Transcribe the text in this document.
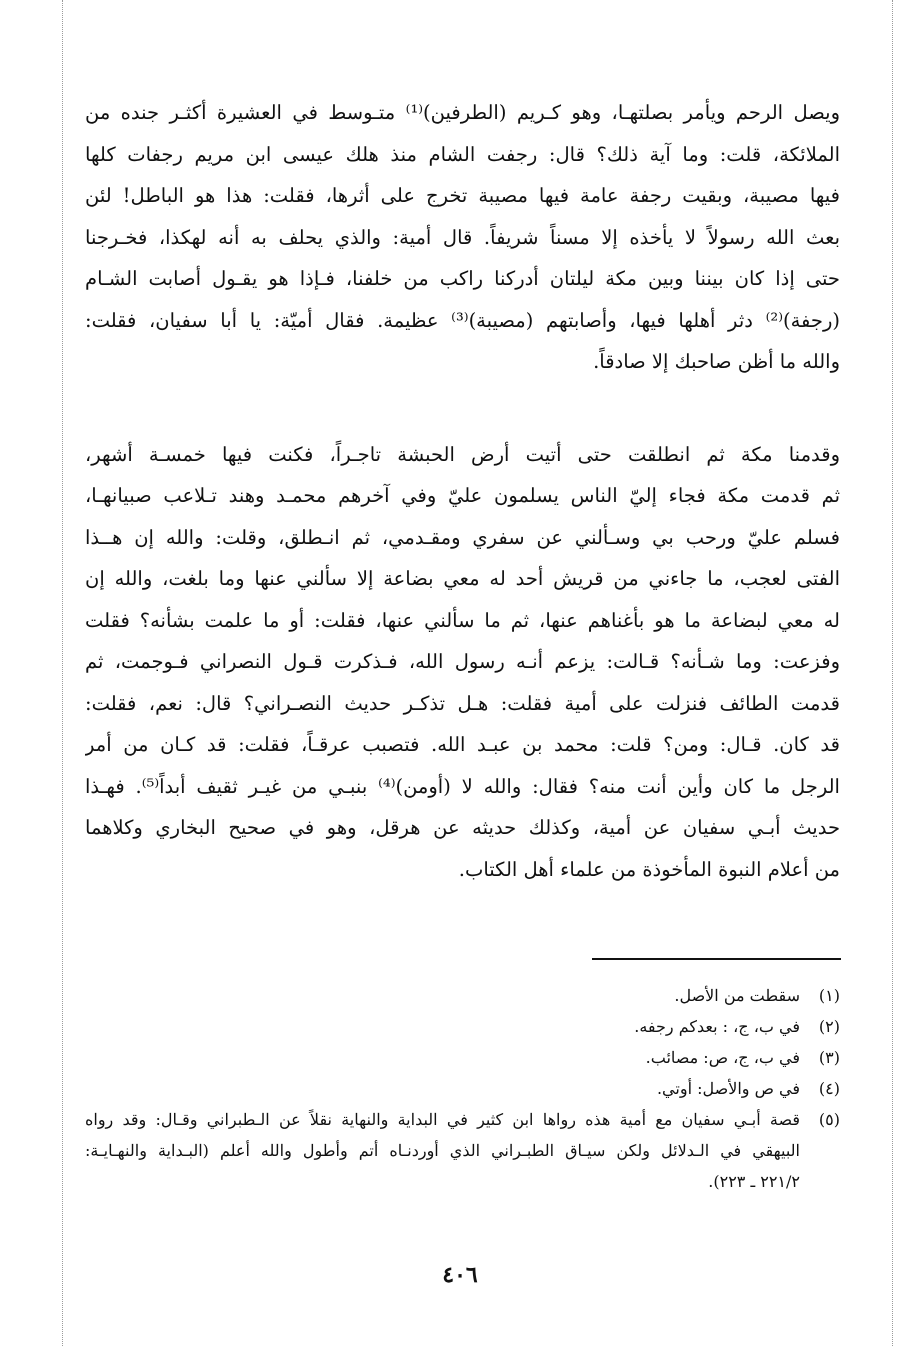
ويصل الرحم ويأمر بصلتهـا، وهو كـريم (الطرفين)⁽¹⁾ متـوسط في العشيرة أكثـر جنده من
الملائكة، قلت: وما آية ذلك؟ قال: رجفت الشام منذ هلك عيسى ابن مريم رجفات كلها
فيها مصيبة، وبقيت رجفة عامة فيها مصيبة تخرج على أثرها، فقلت: هذا هو الباطل! لئن
بعث الله رسولاً لا يأخذه إلا مسناً شريفاً. قال أمية: والذي يحلف به أنه لهكذا، فخـرجنا
حتى إذا كان بيننا وبين مكة ليلتان أدركنا راكب من خلفنا، فـإذا هو يقـول أصابت الشـام
(رجفة)⁽²⁾ دثر أهلها فيها، وأصابتهم (مصيبة)⁽³⁾ عظيمة. فقال أميّة: يا أبا سفيان، فقلت:
والله ما أظن صاحبك إلا صادقاً.

وقدمنا مكة ثم انطلقت حتى أتيت أرض الحبشة تاجـراً، فكنت فيها خمسـة أشهر،
ثم قدمت مكة فجاء إليّ الناس يسلمون عليّ وفي آخرهم محمـد وهند تـلاعب صبيانهـا،
فسلم عليّ ورحب بي وسـألني عن سفري ومقـدمي، ثم انـطلق، وقلت: والله إن هــذا
الفتى لعجب، ما جاءني من قريش أحد له معي بضاعة إلا سألني عنها وما بلغت، والله إن
له معي لبضاعة ما هو بأغناهم عنها، ثم ما سألني عنها، فقلت: أو ما علمت بشأنه؟ فقلت
وفزعت: وما شـأنه؟ قـالت: يزعم أنـه رسول الله، فـذكرت قـول النصراني فـوجمت، ثم
قدمت الطائف فنزلت على أمية فقلت: هـل تذكـر حديث النصـراني؟ قال: نعم، فقلت:
قد كان. قـال: ومن؟ قلت: محمد بن عبـد الله. فتصبب عرقـاً، فقلت: قد كـان من أمر
الرجل ما كان وأين أنت منه؟ فقال: والله لا (أومن)⁽⁴⁾ بنبـي من غيـر ثقيف أبداً⁽⁵⁾. فهـذا
حديث أبـي سفيان عن أمية، وكذلك حديثه عن هرقل، وهو في صحيح البخاري وكلاهما
من أعلام النبوة المأخوذة من علماء أهل الكتاب.

(١)
سقطت من الأصل.
(٢)
في ب، ج، : بعدكم رجفه.
(٣)
في ب، ج، ص: مصائب.
(٤)
في ص والأصل: أوتي.
(٥)
قصة أبـي سفيان مع أمية هذه رواها ابن كثير في البداية والنهاية نقلاً عن الـطبراني وقـال: وقد رواه
البيهقي في الـدلائل ولكن سيـاق الطبـراني الذي أوردنـاه أتم وأطول والله أعلم (البـداية والنهـايـة:
٢٢١/٢ ـ ٢٢٣).
٤٠٦
